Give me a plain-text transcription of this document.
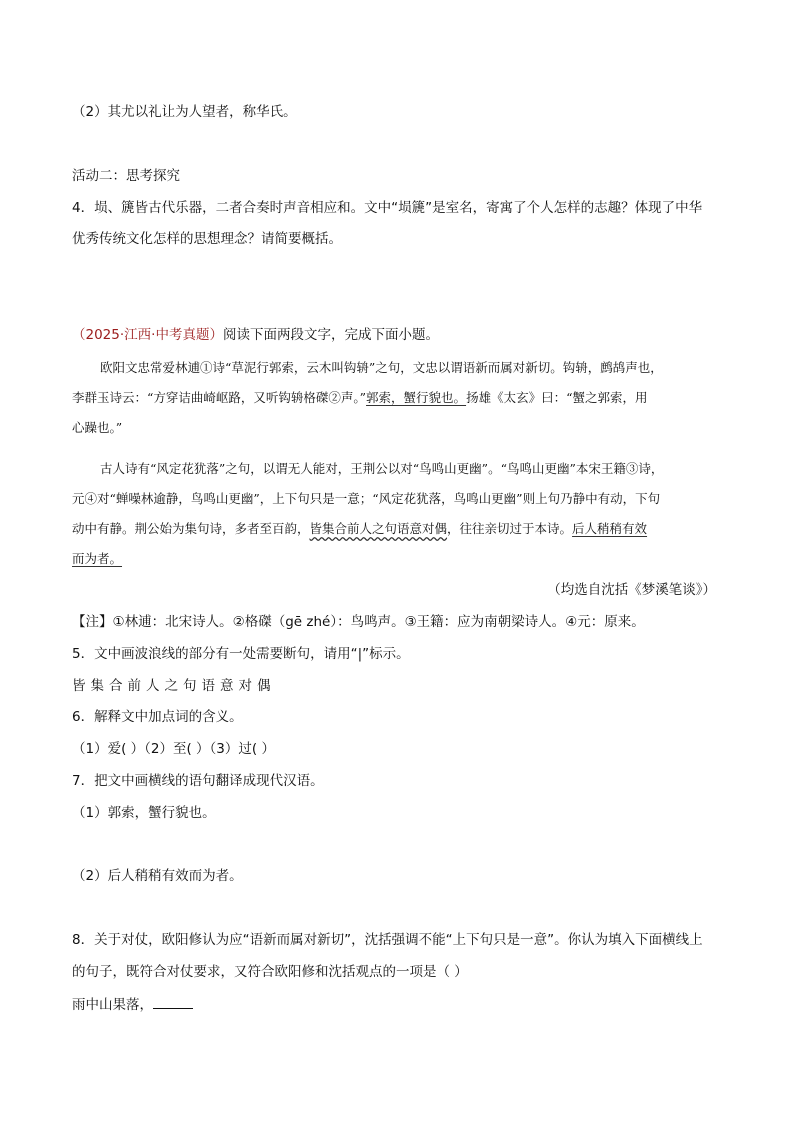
（2）其尤以礼让为人望者，称华氏。
活动二：思考探究
4．埙、篪皆古代乐器，二者合奏时声音相应和。文中“埙篪”是室名，寄寓了个人怎样的志趣？体现了中华
优秀传统文化怎样的思想理念？请简要概括。
（2025·江西·中考真题）阅读下面两段文字，完成下面小题。
欧阳文忠常爱林逋①诗“草泥行郭索，云木叫钩辀”之句，文忠以谓语新而属对新切。钩辀，鹧鸪声也，
李群玉诗云：“方穿诘曲崎岖路，又听钩辀格磔②声。”郭索，蟹行貌也。扬雄《太玄》曰：“蟹之郭索，用
心躁也。”
古人诗有“风定花犹落”之句，以谓无人能对，王荆公以对“鸟鸣山更幽”。“鸟鸣山更幽”本宋王籍③诗，
元④对“蝉噪林逾静，鸟鸣山更幽”，上下句只是一意；“风定花犹落，鸟鸣山更幽”则上句乃静中有动，下句
动中有静。荆公始为集句诗，多者至百韵，皆集合前人之句语意对偶，往往亲切过于本诗。后人稍稍有效
而为者。
（均选自沈括《梦溪笔谈》）
【注】①林逋：北宋诗人。②格磔（gē zhé）：鸟鸣声。③王籍：应为南朝梁诗人。④元：原来。
5．文中画波浪线的部分有一处需要断句，请用“|”标示。
皆集合前人之句语意对偶
6．解释文中加点词的含义。
（1）爱( ）（2）至( ）（3）过( ）
7．把文中画横线的语句翻译成现代汉语。
（1）郭索，蟹行貌也。
（2）后人稍稍有效而为者。
8．关于对仗，欧阳修认为应“语新而属对新切”，沈括强调不能“上下句只是一意”。你认为填入下面横线上
的句子，既符合对仗要求，又符合欧阳修和沈括观点的一项是（ ）
雨中山果落，
